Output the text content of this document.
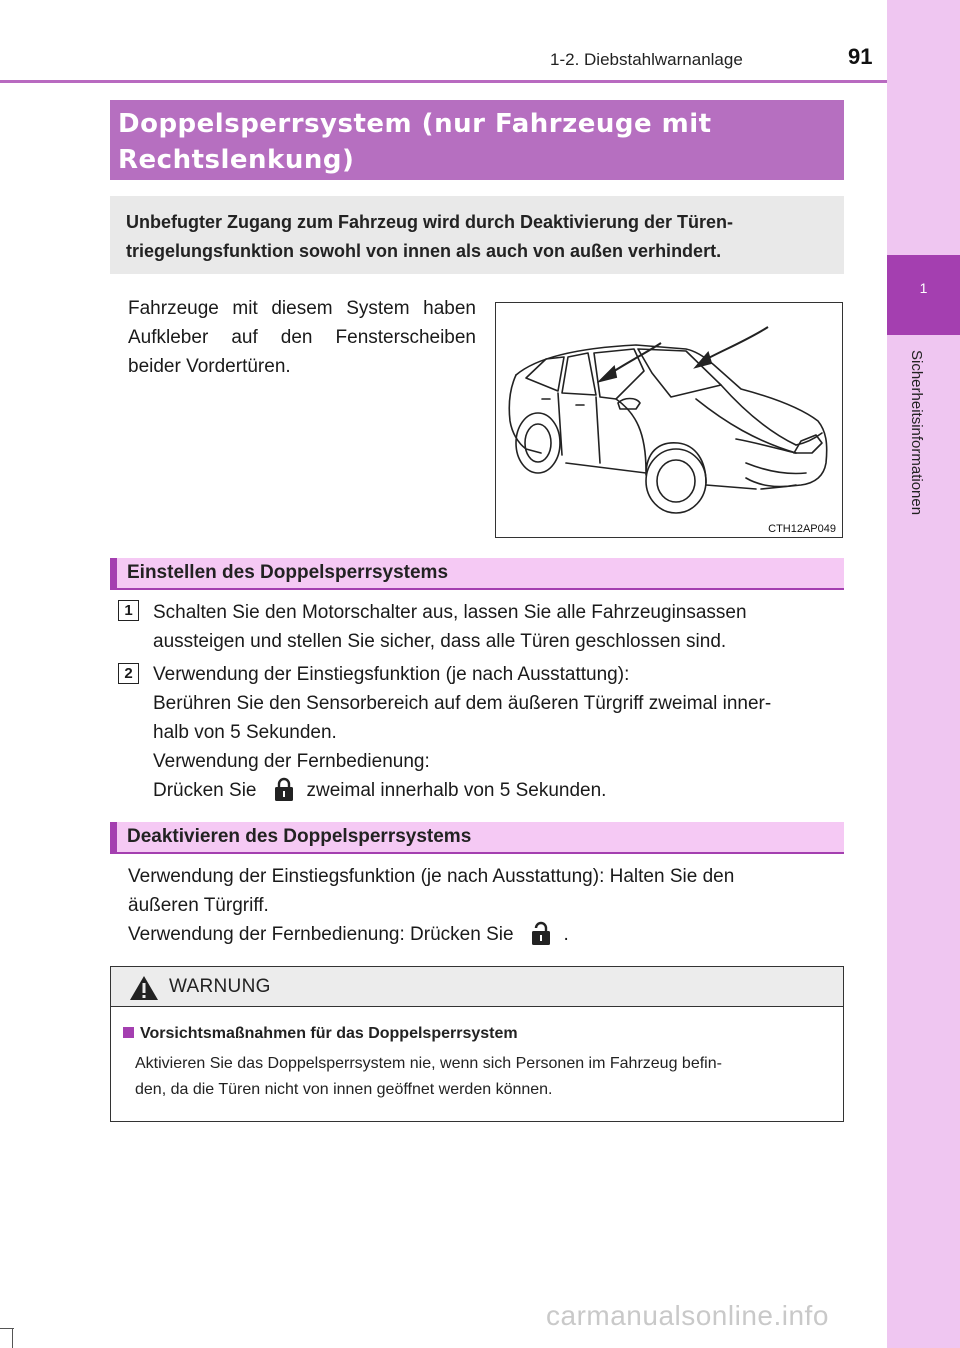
1
Sicherheitsinformationen
1-2. Diebstahlwarnanlage	91
Doppelsperrsystem (nur Fahrzeuge mit
Rechtslenkung)
Unbefugter Zugang zum Fahrzeug wird durch Deaktivierung der Türen-
triegelungsfunktion sowohl von innen als auch von außen verhindert.
Fahrzeuge mit diesem System haben Aufkleber auf den Fensterscheiben beider Vordertüren.
CTH12AP049
Einstellen des Doppelsperrsystems
1	Schalten Sie den Motorschalter aus, lassen Sie alle Fahrzeuginsassen
aussteigen und stellen Sie sicher, dass alle Türen geschlossen sind.
2	Verwendung der Einstiegsfunktion (je nach Ausstattung):
Berühren Sie den Sensorbereich auf dem äußeren Türgriff zweimal inner-
halb von 5 Sekunden.
Verwendung der Fernbedienung:
Drücken Sie	zweimal innerhalb von 5 Sekunden.
Deaktivieren des Doppelsperrsystems
Verwendung der Einstiegsfunktion (je nach Ausstattung): Halten Sie den
äußeren Türgriff.
Verwendung der Fernbedienung: Drücken Sie	.
WARNUNG
Vorsichtsmaßnahmen für das Doppelsperrsystem
Aktivieren Sie das Doppelsperrsystem nie, wenn sich Personen im Fahrzeug befin-
den, da die Türen nicht von innen geöffnet werden können.
carmanualsonline.info
